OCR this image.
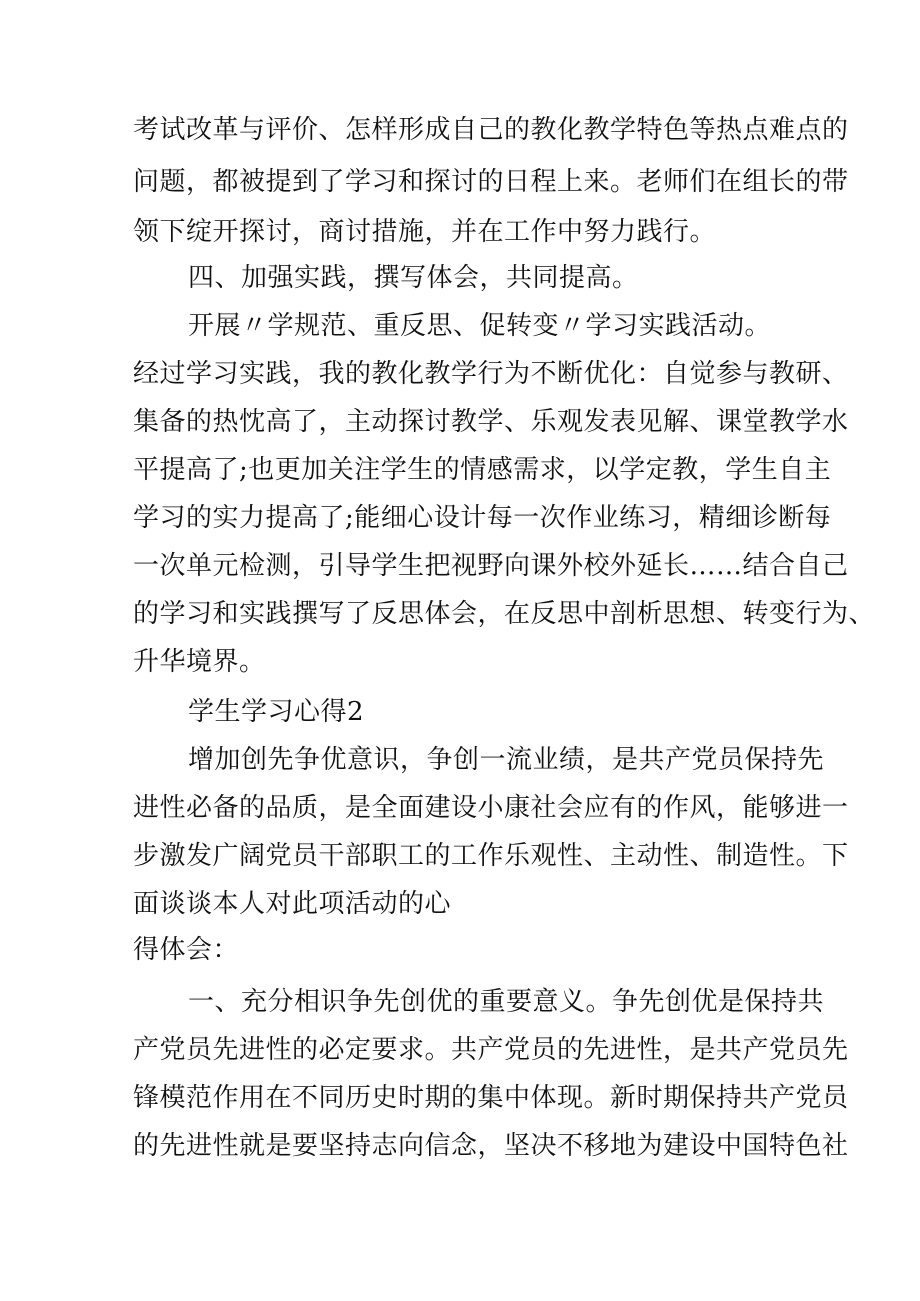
考试改革与评价、怎样形成自己的教化教学特色等热点难点的
问题，都被提到了学习和探讨的日程上来。老师们在组长的带
领下绽开探讨，商讨措施，并在工作中努力践行。
四、加强实践，撰写体会，共同提高。
开展〃学规范、重反思、促转变〃学习实践活动。
经过学习实践，我的教化教学行为不断优化：自觉参与教研、
集备的热忱高了，主动探讨教学、乐观发表见解、课堂教学水
平提高了;也更加关注学生的情感需求，以学定教，学生自主
学习的实力提高了;能细心设计每一次作业练习，精细诊断每
一次单元检测，引导学生把视野向课外校外延长……结合自己
的学习和实践撰写了反思体会，在反思中剖析思想、转变行为、
升华境界。
学生学习心得2
增加创先争优意识，争创一流业绩，是共产党员保持先
进性必备的品质，是全面建设小康社会应有的作风，能够进一
步激发广阔党员干部职工的工作乐观性、主动性、制造性。下
面谈谈本人对此项活动的心
得体会：
一、充分相识争先创优的重要意义。争先创优是保持共
产党员先进性的必定要求。共产党员的先进性，是共产党员先
锋模范作用在不同历史时期的集中体现。新时期保持共产党员
的先进性就是要坚持志向信念，坚决不移地为建设中国特色社
